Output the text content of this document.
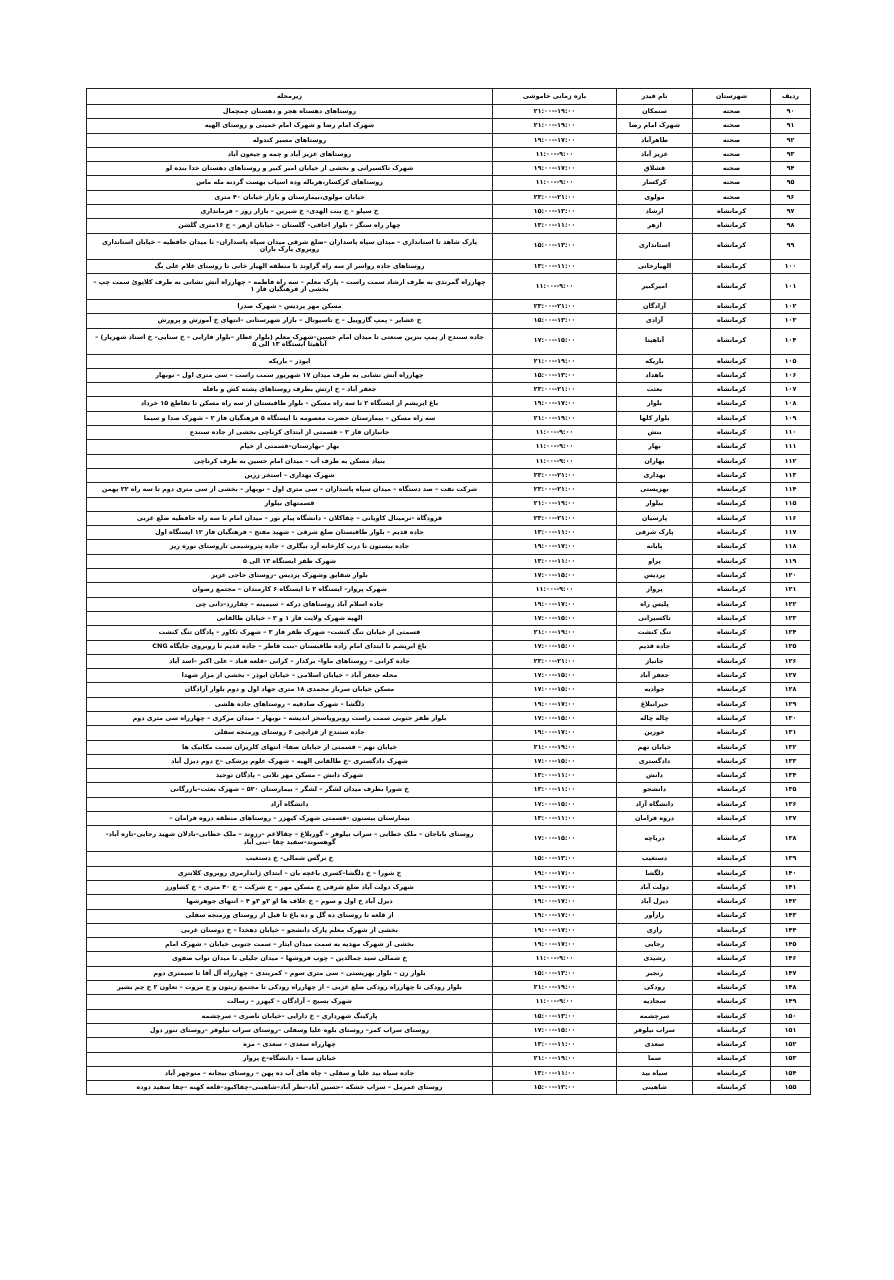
ردیف	شهرستان	نام فیدر	بازه زمانی خاموشی	زیرمحله
۹۰	صحنه	سنمکان	۱۹:۰۰--۲۱:۰۰	روستاهای دهستاه هجر و دهستان چمچمال
۹۱	صحنه	شهرک امام رضا	۱۹:۰۰--۲۱:۰۰	شهرک امام رضا و شهرک امام خمینی و روستای الهیه
۹۲	صحنه	طاهرآباد	۱۷:۰۰--۱۹:۰۰	روستاهای مسیر کندوله
۹۳	صحنه	عزیز آباد	۹:۰۰--۱۱:۰۰	روستاهای عزیز آباد و چمه و جیعون آباد
۹۴	صحنه	قشلاق	۱۷:۰۰--۱۹:۰۰	شهرک تاکسیرانی و بخشی از خیابان امیر کبیر و روستاهای دهستان خدا بنده لو
۹۵	صحنه	کرکسار	۹:۰۰--۱۱:۰۰	روستاهای کرکسار،هرباله وده اسیاب بهست گردنه مله ماس
۹۶	صحنه	مولوی	۲۱:۰۰--۲۳:۰۰	خیابان مولوی،بیمارستان و بازار خیابان ۴۰ متری
۹۷	کرمانشاه	ارشاد	۱۳:۰۰--۱۵:۰۰	خ سیلو – خ بنت الهدی– خ شیرین – بازار روز – فرمانداری
۹۸	کرمانشاه	ازهر	۱۱:۰۰--۱۳:۰۰	چهار راه سنگر – بلوار اجاقی– گلستان – خیابان ازهر – خ ۱۶متری گلشن
۹۹	کرمانشاه	استانداری	۱۳:۰۰--۱۵:۰۰	پارک شاهد تا استانداری – میدان سپاه پاسداران –ضلع شرقی میدان سپاه پاسداران– تا میدان حافظیه – خیابان استانداری روبروی پارک باران
۱۰۰	کرمانشاه	الهیارخانی	۱۱:۰۰--۱۳:۰۰	روستاهای جاده رواسر از سه راه گراوند تا منطقه الهیار خانی تا روستای غلام علی بگ
۱۰۱	کرمانشاه	امیرکبیر	۹:۰۰--۱۱:۰۰	چهارراه گمرندی به طرف ارشاد سمت راست – پارک معلم – سه راه فاطمه – چهارراه آتش نشانی به طرف کلاپوئ سمت چپ – بخشی از فرهنگیان فاز ۱
۱۰۲	کرمانشاه	آزادگان	۲۱:۰۰--۲۳:۰۰	مسکن مهر پردیس – شهرک صدرا
۱۰۳	کرمانشاه	آزادی	۱۳:۰۰--۱۵:۰۰	خ عشایر – پمپ گازوییل – خ تاسیونال – بازار شهرستانی –انتهای خ آموزش و پرورش
۱۰۴	کرمانشاه	آناهیتا	۱۵:۰۰--۱۷:۰۰	جاده سنندج از پمپ بنزین صنعتی تا میدان امام حسین–شهرک معلم (بلوار عطار –بلوار فارابی – خ سنایی– خ استاد شهریار) –آناهیتا ایستگاه ۱۳ الی ۵
۱۰۵	کرمانشاه	باریکه	۱۹:۰۰--۲۱:۰۰	ابوذر – باریکه
۱۰۶	کرمانشاه	باهداد	۱۳:۰۰--۱۵:۰۰	چهارراه آتش نشانی به طرف میدان ۱۷ شهریور سمت راست – سی متری اول – نوبهار
۱۰۷	کرمانشاه	بعثت	۲۱:۰۰--۲۳:۰۰	جعفر آباد – خ ارتش بطرف روستاهای پشته کش و بافله
۱۰۸	کرمانشاه	بلوار	۱۷:۰۰--۱۹:۰۰	باغ ابریشم از ایستگاه ۲ تا سه راه مسکن – بلوار طاقبستان از سه راه مسکن تا تقاطع ۱۵ خرداد
۱۰۹	کرمانشاه	بلوار کلها	۱۹:۰۰--۲۱:۰۰	سه راه مسکن – بیمارستان حضرت معصومه تا ایستگاه ۵ فرهنگیان فاز ۲ – شهرک صدا و سیما
۱۱۰	کرمانشاه	بنش	۹:۰۰--۱۱:۰۰	جانبازان فاز ۲ – قسمتی از ابتدای کرناچی بخشی از جاده سنندج
۱۱۱	کرمانشاه	بهار	۹:۰۰--۱۱:۰۰	بهار –بهارستان–قسمتی از خیام
۱۱۲	کرمانشاه	بهاران	۹:۰۰--۱۱:۰۰	بنیاد مسکن به طرف آب – میدان امام حسین به طرف کرناچی
۱۱۳	کرمانشاه	بهداری	۲۱:۰۰--۲۳:۰۰	شهرک بهداری – استخر زرین
۱۱۴	کرمانشاه	بهزیستی	۲۱:۰۰--۲۳:۰۰	شرکت نفت – صد دستگاه – میدان سپاه پاسداران – سی متری اول – نوبهار – بخشی از سی متری دوم تا سه راه ۲۲ بهمن
۱۱۵	کرمانشاه	بیلوار	۱۹:۰۰--۲۱:۰۰	قسمتهای بیلوار
۱۱۶	کرمانشاه	پارسیان	۲۱:۰۰--۲۳:۰۰	فرودگاه –نرمینال کاویانی – چقاکلان – دانشگاه پیام نور – میدان امام تا سه راه حافظیه ضلع غربی
۱۱۷	کرمانشاه	پارک شرقی	۱۱:۰۰--۱۳:۰۰	جاده قدیم – بلوار طاقبستان ضلع شرقی – شهید مفتح – فرهنگیان فاز ۱۲ ایستگاه اول
۱۱۸	کرمانشاه	پایانه	۱۷:۰۰--۱۹:۰۰	جاده بیستون تا درب کارخانه آرد بیگلری – جاده پتروشیمی تاروستای نوره ریز
۱۱۹	کرمانشاه	پراو	۱۱:۰۰--۱۳:۰۰	شهرک ظفر ایستگاه ۱۳ الی ۵
۱۲۰	کرمانشاه	پردیس	۱۵:۰۰--۱۷:۰۰	بلوار شقایق وشهرک پردیس –روستای حاجی عزیز
۱۲۱	کرمانشاه	پرواز	۹:۰۰--۱۱:۰۰	شهرک پرواز– ایستگاه ۲ تا ایستگاه ۶ کارمندان – مجتمع رضوان
۱۲۲	کرمانشاه	پلیس راه	۱۷:۰۰--۱۹:۰۰	جاده اسلام آباد روستاهای درکه – سیمینه – چقارزد–دانی چی
۱۲۳	کرمانشاه	تاکسیرانی	۱۵:۰۰--۱۷:۰۰	الهیه شهرک ولایت فاز ۱ و ۲ – خیابان طالقانی
۱۲۴	کرمانشاه	تنگ کنشت	۱۹:۰۰--۲۱:۰۰	قسمتی از خیابان تنگ کنشت– شهرک ظفر فاز ۳ – شهرک تکاور – پادگان تنگ کنشت
۱۲۵	کرمانشاه	جاده قدیم	۱۵:۰۰--۱۷:۰۰	باغ ابریشم تا ابتدای امام زاده طاقبستان –بنت فاطر – جاده قدیم تا روبروی جایگاه CNG
۱۲۶	کرمانشاه	جانباز	۲۱:۰۰--۲۳:۰۰	جاده کرانی – روستاهای ماوا– برکدار – کرانی –قلعه قباد – علی اکبر –اسد آباد
۱۲۷	کرمانشاه	جعفر آباد	۱۵:۰۰--۱۷:۰۰	محله جعفر آباد – خیابان اسلامی – خیابان ابوذر – بخشی از مزار شهدا
۱۲۸	کرمانشاه	جوادیه	۱۵:۰۰--۱۷:۰۰	مسکن خیابان سرباز محمدی ۱۸ متری جهاد اول و دوم بلوار آزادگان
۱۲۹	کرمانشاه	جیرانبلاغ	۱۷:۰۰--۱۹:۰۰	دلگشا – شهرک صادقیه – روستاهای جاده هلشی
۱۳۰	کرمانشاه	چاله چاله	۱۵:۰۰--۱۷:۰۰	بلوار ظفر جنوبی سمت راست روبروپاسخر اندیشه – نوبهار – میدان مرکزی – چهارراه سی متری دوم
۱۳۱	کرمانشاه	خورین	۱۷:۰۰--۱۹:۰۰	جاده سنندج از قزانچی ۶ روستای ورمنجه سفلی
۱۳۲	کرمانشاه	خیابان نهم	۱۹:۰۰--۲۱:۰۰	خیابان نهم – قسمتی از خیابان صفا– انتهای کلریزان سمت مکانیک ها
۱۳۳	کرمانشاه	دادگستری	۱۵:۰۰--۱۷:۰۰	شهرک دادگستری –خ طالقانی الهیه – شهرک علوم پزشکی –خ دوم دیزل آباد
۱۳۴	کرمانشاه	دانش	۱۱:۰۰--۱۳:۰۰	شهرک دانش – مسکن مهر تلانی – پادگان توحید
۱۳۵	کرمانشاه	دانشجو	۱۱:۰۰--۱۳:۰۰	خ شورا بطرف میدان لشگر – لشگر – بیمارستان ۵۲۰ – شهرک بعثت–بازرگانی
۱۳۶	کرمانشاه	دانشگاه آزاد	۱۵:۰۰--۱۷:۰۰	دانشگاه آزاد
۱۳۷	کرمانشاه	دروه فرامان	۱۱:۰۰--۱۳:۰۰	بیمارستان بیستون –قسمتی شهرک کیهزر – روستاهای منطقه دروه فرامان –
۱۳۸	کرمانشاه	دریاچه	۱۵:۰۰--۱۷:۰۰	روستای باباجان – ملک خطابی – سراب نیلوفر – گوربلاغ – چقالاغم –رزوند – ملک خطابی–بادلان شهید رجایی–تازه آباد–گوهسوند–سفید چقا –بنی آباد
۱۳۹	کرمانشاه	دستغیب	۱۳:۰۰--۱۵:۰۰	خ نرگس شمالی– خ دستغیب
۱۴۰	کرمانشاه	دلگشا	۱۷:۰۰--۱۹:۰۰	خ شورا – خ دلگشا–کسری باغچه بان – ابتدای ژاندارمری روبروی کلانتری
۱۴۱	کرمانشاه	دولت آباد	۱۷:۰۰--۱۹:۰۰	شهرک دولت آباد ضلع شرقی خ مسکن مهر – خ شرکت – خ ۴۰ متری – خ کشاورز
۱۴۲	کرمانشاه	دیزل آباد	۱۷:۰۰--۱۹:۰۰	دیزل آباد خ اول و سوم – خ علاف ها او ۲و ۳و ۴ – انتهای جوهرشها
۱۴۳	کرمانشاه	رازآور	۱۷:۰۰--۱۹:۰۰	از قلعه تا روستای ده گل و ده باغ تا قبل از روستای ورمنجه سفلی
۱۴۴	کرمانشاه	رازی	۱۷:۰۰--۱۹:۰۰	بخشی از شهرک معلم پارک دانشجو – خیابان دهخدا – خ دوستان غربی
۱۴۵	کرمانشاه	رجایی	۱۷:۰۰--۱۹:۰۰	بخشی از شهرک مهدیه به سمت میدان ایثار – سمت جنوبی خیابان – شهرک امام
۱۴۶	کرمانشاه	رشیدی	۹:۰۰--۱۱:۰۰	خ شمالی سید جمالدین – چوب فروشها – میدان جلیلی تا میدان نواب صفوی
۱۴۷	کرمانشاه	رنجبر	۱۳:۰۰--۱۵:۰۰	بلوار زن – بلوار بهزیستی – سی متری سوم – کمربندی – چهارراه آل آقا تا سیمتری دوم
۱۴۸	کرمانشاه	رودکی	۱۹:۰۰--۲۱:۰۰	بلوار رودکی تا چهارراه رودکی ضلع غربی – از چهارراه رودکی تا مجتمع زیتون و خ مروت – تعاون ۲ خ چم بشیر
۱۴۹	کرمانشاه	سجادیه	۹:۰۰--۱۱:۰۰	شهرک بسیج – آزادگان – کیهزر – رسالت
۱۵۰	کرمانشاه	سرچشمه	۱۳:۰۰--۱۵:۰۰	پارکینگ شهرداری – خ دارایی –خیابان ناصری – سرچشمه
۱۵۱	کرمانشاه	سراب نیلوفر	۱۵:۰۰--۱۷:۰۰	روستای سراب کمر– روستای بلوه علیا وسفلی –روستای سراب نیلوفر –روستای تنور دول
۱۵۲	کرمانشاه	سعدی	۱۱:۰۰--۱۳:۰۰	چهارراه سعدی – سعدی – مزه
۱۵۳	کرمانشاه	سما	۱۹:۰۰--۲۱:۰۰	خیابان سما – دانشگاه–خ پرواز
۱۵۴	کرمانشاه	سیاه بید	۱۱:۰۰--۱۳:۰۰	جاده سیاه بید علیا و سفلی – چاه های آب ده پهن – روستای بیجانه – منوچهر آباد
۱۵۵	کرمانشاه	شاهینی	۱۳:۰۰--۱۵:۰۰	روستای عمرمل – سراب خشکه –حسین آباد–نظر آباد–شاهینی–چقاکبود–قلعه کهنه –چقا سفید دوده
